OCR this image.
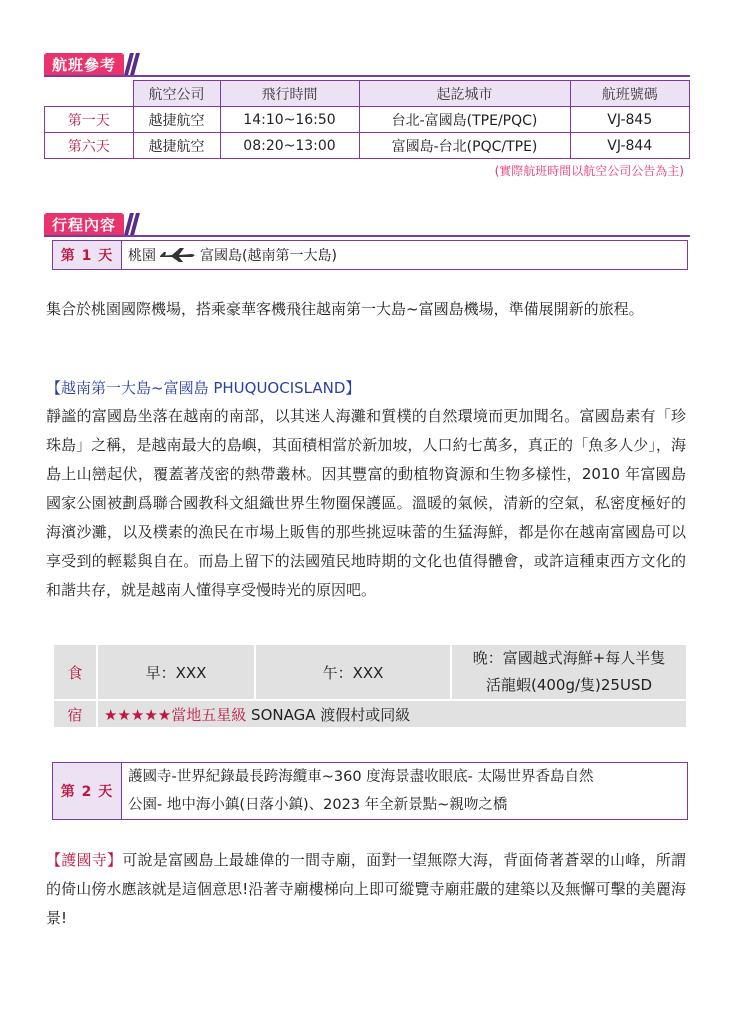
航班參考
	航空公司	飛行時間	起訖城市	航班號碼
第一天	越捷航空	14:10~16:50	台北-富國島(TPE/PQC)	VJ-845
第六天	越捷航空	08:20~13:00	富國島-台北(PQC/TPE)	VJ-844
(實際航班時間以航空公司公告為主)
行程內容
第 1 天	桃園	富國島(越南第一大島)
集合於桃園國際機場，搭乘豪華客機飛往越南第一大島~富國島機場，準備展開新的旅程。
【越南第一大島~富國島 PHUQUOCISLAND】
靜謐的富國島坐落在越南的南部，以其迷人海灘和質樸的自然環境而更加聞名。富國島素有「珍珠島」之稱，是越南最大的島嶼，其面積相當於新加坡，人口約七萬多，真正的「魚多人少」，海島上山巒起伏，覆蓋著茂密的熱帶叢林。因其豐富的動植物資源和生物多樣性，2010 年富國島國家公園被劃爲聯合國教科文組織世界生物圈保護區。溫暖的氣候，清新的空氣，私密度極好的海濱沙灘，以及樸素的漁民在市場上販售的那些挑逗味蕾的生猛海鮮，都是你在越南富國島可以享受到的輕鬆與自在。而島上留下的法國殖民地時期的文化也值得體會，或許這種東西方文化的和諧共存，就是越南人懂得享受慢時光的原因吧。
食	早：XXX	午：XXX	晚：富國越式海鮮+每人半隻
活龍蝦(400g/隻)25USD

宿	★★★★★當地五星級 SONAGA 渡假村或同級		
第 2 天
護國寺-世界紀錄最長跨海纜車~360 度海景盡收眼底- 太陽世界香島自然
公園- 地中海小鎮(日落小鎮)、2023 年全新景點~親吻之橋
【護國寺】可說是富國島上最雄偉的一間寺廟，面對一望無際大海，背面倚著蒼翠的山峰，所謂的倚山傍水應該就是這個意思!沿著寺廟樓梯向上即可縱覽寺廟莊嚴的建築以及無懈可擊的美麗海景!
